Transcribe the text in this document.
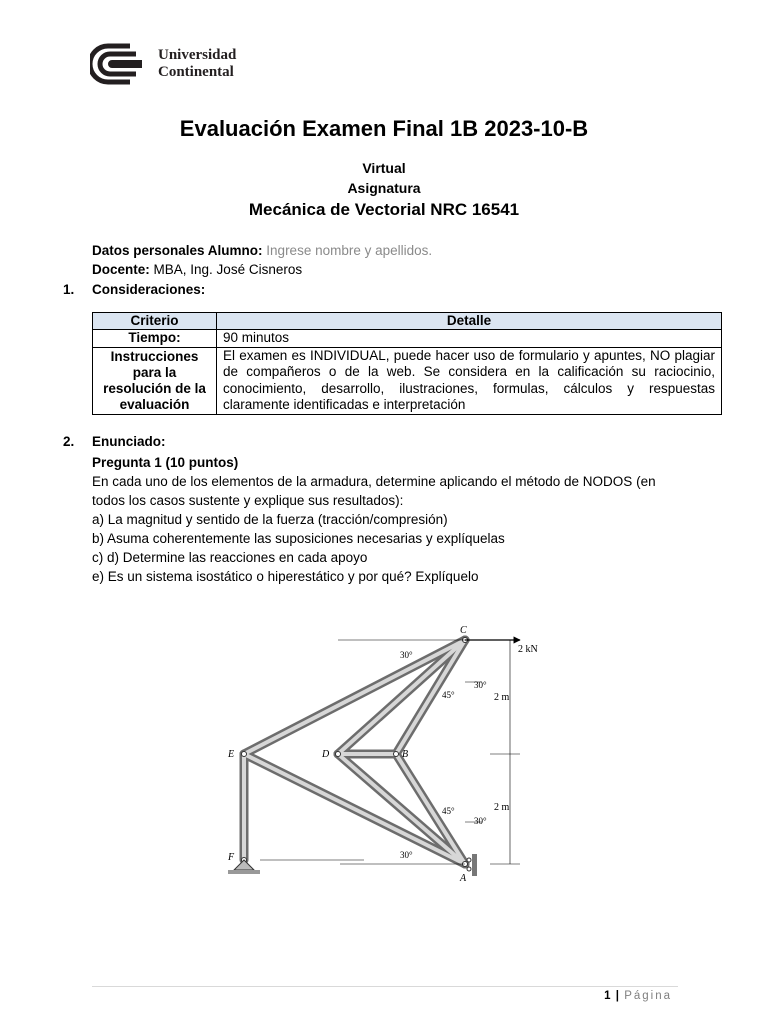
Universidad
Continental
Evaluación Examen Final 1B 2023-10-B
Virtual
Asignatura
Mecánica de Vectorial NRC 16541
Datos personales Alumno: Ingrese nombre y apellidos.
Docente: MBA, Ing. José Cisneros
1. Consideraciones:
Criterio	Detalle
Tiempo:	90 minutos
Instrucciones para la resolución de la evaluación	El examen es INDIVIDUAL, puede hacer uso de formulario y apuntes, NO plagiar de compañeros o de la web. Se considera en la calificación su raciocinio, conocimiento, desarrollo, ilustraciones, formulas, cálculos y respuestas claramente identificadas e interpretación
2. Enunciado:
Pregunta 1 (10 puntos)
En cada uno de los elementos de la armadura, determine aplicando el método de NODOS (en todos los casos sustente y explique sus resultados):
a) La magnitud y sentido de la fuerza (tracción/compresión)
b) Asuma coherentemente las suposiciones necesarias y explíquelas
c) d) Determine las reacciones en cada apoyo
e) Es un sistema isostático o hiperestático y por qué? Explíquelo
C
E	D	B
F
A
2 kN
2 m
2 m
30°
30°
45°
45°
30°
30°
1 | Página
